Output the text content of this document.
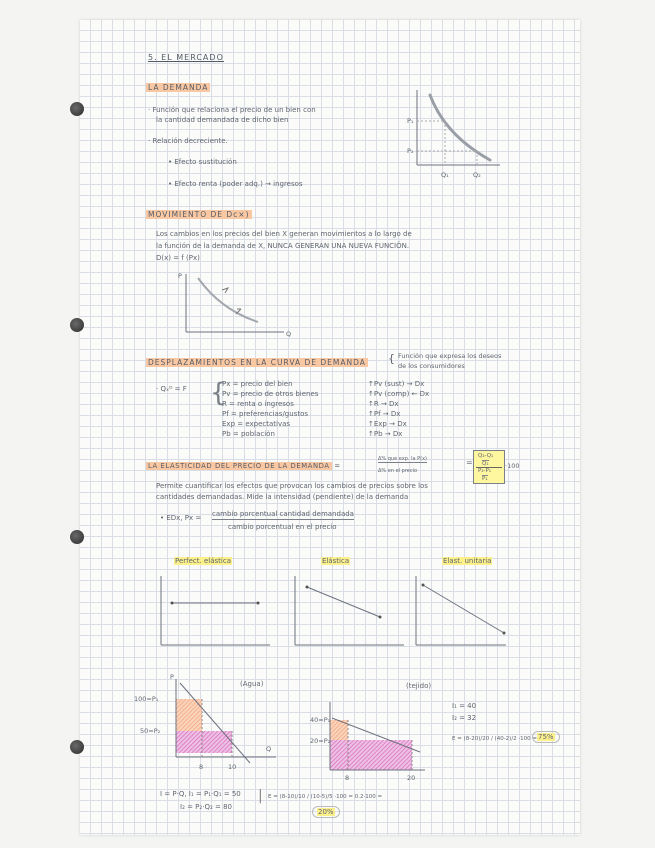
5. EL MERCADO
LA DEMANDA
· Función que relaciona el precio de un bien con
la cantidad demandada de dicho bien
· Relación decreciente.
• Efecto sustitución
• Efecto renta (poder adq.) → ingresos
P₁
P₂
Q₁	Q₂
MOVIMIENTO DE Dc×)
Los cambios en los precios del bien X generan movimientos a lo largo de
la función de la demanda de X, NUNCA GENERAN UNA NUEVA FUNCIÓN.
D(x) = f (Px)
P
Q
DESPLAZAMIENTOS EN LA CURVA DE DEMANDA { Función que expresa los deseos
de los consumidores
· Qₓᴰ = F {
Px = precio del bien
Pv = precio de otros bienes
R = renta o ingresos
Pf = preferencias/gustos
Exp = expectativas
Pb = población
↑Pv (sust) → Dx
↑Pv (comp) ← Dx
↑R → Dx
↑Pf → Dx
↑Exp → Dx
↑Pb → Dx
LA ELASTICIDAD DEL PRECIO DE LA DEMANDA =
Δ% que exp. la P(x)
Δ% en el precio
=
Q₂-Q₁
Q₁
P₂-P₁
P₁
·100
Permite cuantificar los efectos que provocan los cambios de precios sobre los
cantidades demandadas. Mide la intensidad (pendiente) de la demanda
• EDx, Px = cambio porcentual cantidad demandada
cambio porcentual en el precio
Perfect. elástica	Elástica	Elast. unitaria
P
Q
100=P₁
50=P₂
8	10
(Agua)
40=P₁
20=P₂
8	20
(tejido)
I₁ = 40
I₂ = 32
E = (8-20)/20 / (40-2)/2 ·100 = 75%
I = P·Q, I₁ = P₁·Q₁ = 50
I₂ = P₂·Q₂ = 80
| E = (8-10)/10 / (10-5)/5 ·100 = 0.2·100 =
20%
